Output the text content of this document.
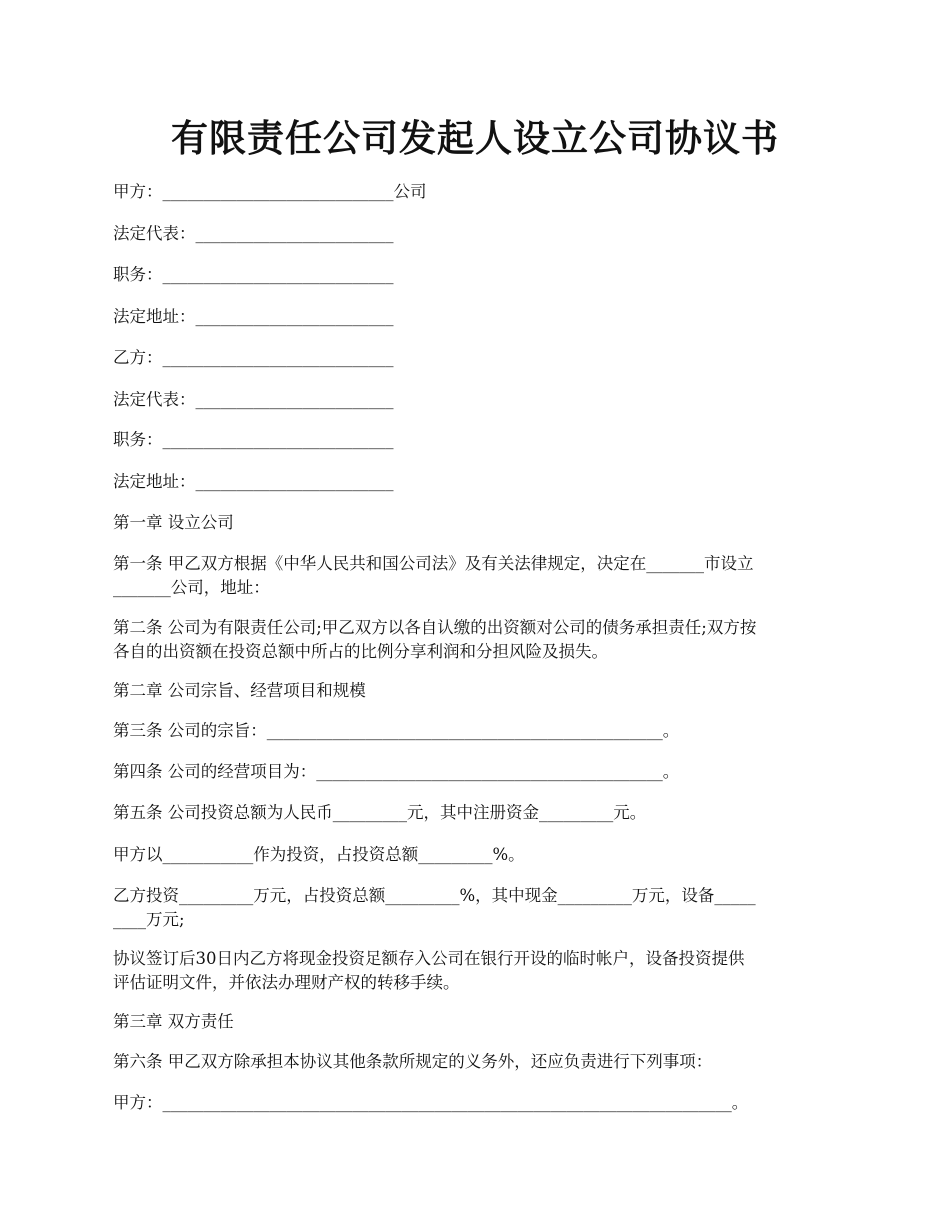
有限责任公司发起人设立公司协议书

甲方：____________________________公司

法定代表：________________________

职务：____________________________

法定地址：________________________

乙方：____________________________

法定代表：________________________

职务：____________________________

法定地址：________________________

第一章 设立公司

第一条 甲乙双方根据《中华人民共和国公司法》及有关法律规定，决定在_______市设立

_______公司，地址：

第二条 公司为有限责任公司;甲乙双方以各自认缴的出资额对公司的债务承担责任;双方按

各自的出资额在投资总额中所占的比例分享利润和分担风险及损失。

第二章 公司宗旨、经营项目和规模

第三条 公司的宗旨：________________________________________________。

第四条 公司的经营项目为：__________________________________________。

第五条 公司投资总额为人民币_________元，其中注册资金_________元。

甲方以___________作为投资，占投资总额_________%。

乙方投资_________万元，占投资总额_________%，其中现金_________万元，设备_____

____万元;

协议签订后30日内乙方将现金投资足额存入公司在银行开设的临时帐户，设备投资提供

评估证明文件，并依法办理财产权的转移手续。

第三章 双方责任

第六条 甲乙双方除承担本协议其他条款所规定的义务外，还应负责进行下列事项：

甲方：_____________________________________________________________________。
